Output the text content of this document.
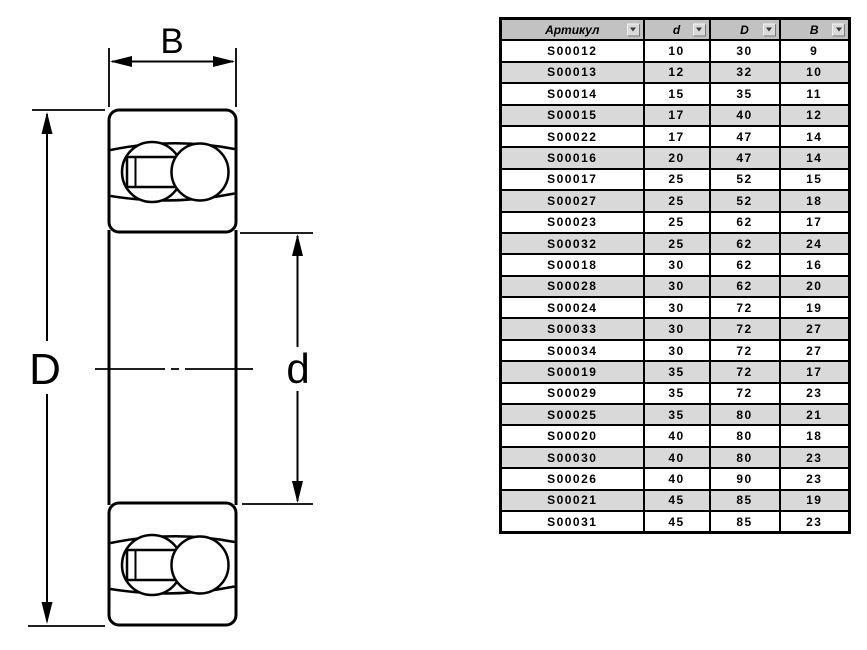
B
D	d
Артикул	d	D	B

S00012	10	30	9
S00013	12	32	10
S00014	15	35	11
S00015	17	40	12
S00022	17	47	14
S00016	20	47	14
S00017	25	52	15
S00027	25	52	18
S00023	25	62	17
S00032	25	62	24
S00018	30	62	16
S00028	30	62	20
S00024	30	72	19
S00033	30	72	27
S00034	30	72	27
S00019	35	72	17
S00029	35	72	23
S00025	35	80	21
S00020	40	80	18
S00030	40	80	23
S00026	40	90	23
S00021	45	85	19
S00031	45	85	23
